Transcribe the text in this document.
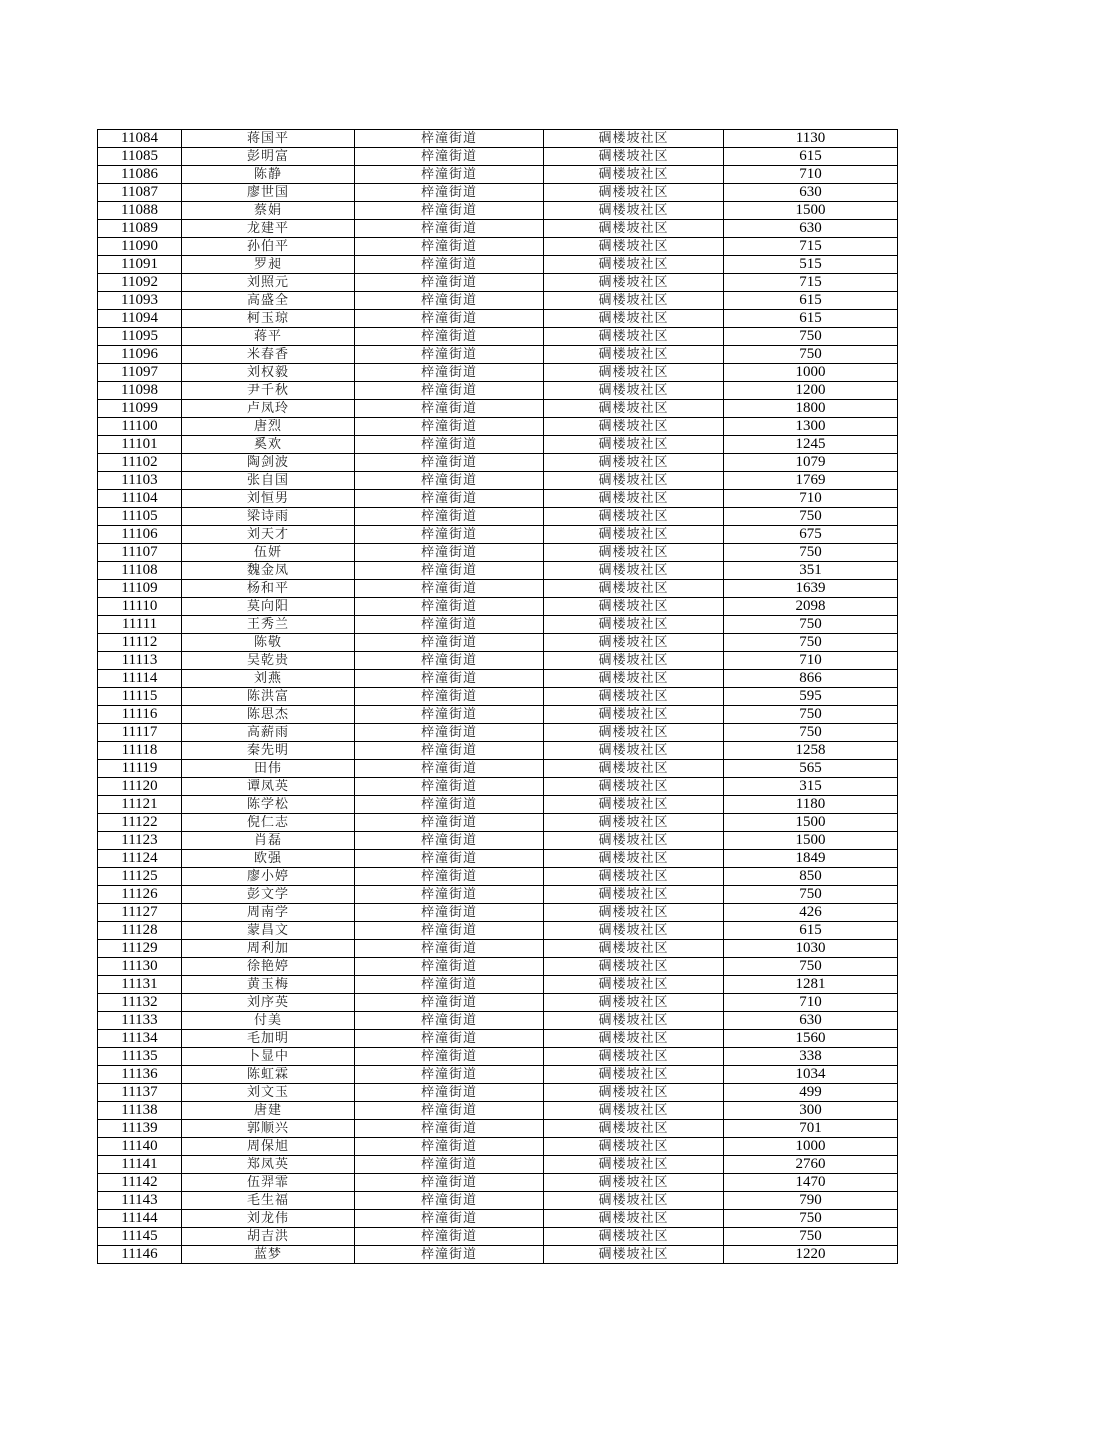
11084	蒋国平	梓潼街道	碉楼坡社区	1130
11085	彭明富	梓潼街道	碉楼坡社区	615
11086	陈静	梓潼街道	碉楼坡社区	710
11087	廖世国	梓潼街道	碉楼坡社区	630
11088	蔡娟	梓潼街道	碉楼坡社区	1500
11089	龙建平	梓潼街道	碉楼坡社区	630
11090	孙伯平	梓潼街道	碉楼坡社区	715
11091	罗昶	梓潼街道	碉楼坡社区	515
11092	刘照元	梓潼街道	碉楼坡社区	715
11093	高盛全	梓潼街道	碉楼坡社区	615
11094	柯玉琼	梓潼街道	碉楼坡社区	615
11095	蒋平	梓潼街道	碉楼坡社区	750
11096	米春香	梓潼街道	碉楼坡社区	750
11097	刘权毅	梓潼街道	碉楼坡社区	1000
11098	尹千秋	梓潼街道	碉楼坡社区	1200
11099	卢凤玲	梓潼街道	碉楼坡社区	1800
11100	唐烈	梓潼街道	碉楼坡社区	1300
11101	奚欢	梓潼街道	碉楼坡社区	1245
11102	陶剑波	梓潼街道	碉楼坡社区	1079
11103	张自国	梓潼街道	碉楼坡社区	1769
11104	刘恒男	梓潼街道	碉楼坡社区	710
11105	梁诗雨	梓潼街道	碉楼坡社区	750
11106	刘天才	梓潼街道	碉楼坡社区	675
11107	伍妍	梓潼街道	碉楼坡社区	750
11108	魏金凤	梓潼街道	碉楼坡社区	351
11109	杨和平	梓潼街道	碉楼坡社区	1639
11110	莫向阳	梓潼街道	碉楼坡社区	2098
11111	王秀兰	梓潼街道	碉楼坡社区	750
11112	陈敬	梓潼街道	碉楼坡社区	750
11113	吴乾贵	梓潼街道	碉楼坡社区	710
11114	刘燕	梓潼街道	碉楼坡社区	866
11115	陈洪富	梓潼街道	碉楼坡社区	595
11116	陈思杰	梓潼街道	碉楼坡社区	750
11117	高薪雨	梓潼街道	碉楼坡社区	750
11118	秦先明	梓潼街道	碉楼坡社区	1258
11119	田伟	梓潼街道	碉楼坡社区	565
11120	谭凤英	梓潼街道	碉楼坡社区	315
11121	陈学松	梓潼街道	碉楼坡社区	1180
11122	倪仁志	梓潼街道	碉楼坡社区	1500
11123	肖磊	梓潼街道	碉楼坡社区	1500
11124	欧强	梓潼街道	碉楼坡社区	1849
11125	廖小婷	梓潼街道	碉楼坡社区	850
11126	彭文学	梓潼街道	碉楼坡社区	750
11127	周南学	梓潼街道	碉楼坡社区	426
11128	蒙昌文	梓潼街道	碉楼坡社区	615
11129	周利加	梓潼街道	碉楼坡社区	1030
11130	徐艳婷	梓潼街道	碉楼坡社区	750
11131	黄玉梅	梓潼街道	碉楼坡社区	1281
11132	刘序英	梓潼街道	碉楼坡社区	710
11133	付美	梓潼街道	碉楼坡社区	630
11134	毛加明	梓潼街道	碉楼坡社区	1560
11135	卜显中	梓潼街道	碉楼坡社区	338
11136	陈虹霖	梓潼街道	碉楼坡社区	1034
11137	刘文玉	梓潼街道	碉楼坡社区	499
11138	唐建	梓潼街道	碉楼坡社区	300
11139	郭顺兴	梓潼街道	碉楼坡社区	701
11140	周保旭	梓潼街道	碉楼坡社区	1000
11141	郑凤英	梓潼街道	碉楼坡社区	2760
11142	伍羿霏	梓潼街道	碉楼坡社区	1470
11143	毛生福	梓潼街道	碉楼坡社区	790
11144	刘龙伟	梓潼街道	碉楼坡社区	750
11145	胡吉洪	梓潼街道	碉楼坡社区	750
11146	蓝梦	梓潼街道	碉楼坡社区	1220
